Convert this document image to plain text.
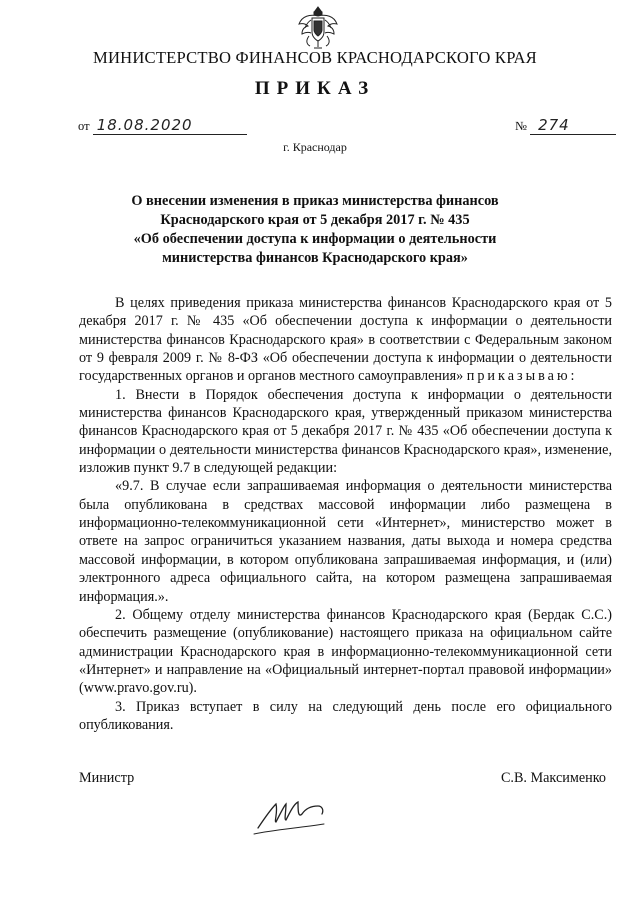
МИНИСТЕРСТВО ФИНАНСОВ КРАСНОДАРСКОГО КРАЯ
ПРИКАЗ
от 18.08.2020	№ 274
г. Краснодар
О внесении изменения в приказ министерства финансов
Краснодарского края от 5 декабря 2017 г. № 435
«Об обеспечении доступа к информации о деятельности
министерства финансов Краснодарского края»

В целях приведения приказа министерства финансов Краснодарского края от 5 декабря 2017 г. № 435 «Об обеспечении доступа к информации о деятельности министерства финансов Краснодарского края» в соответствии с Федеральным законом от 9 февраля 2009 г. № 8-ФЗ «Об обеспечении доступа к информации о деятельности государственных органов и органов местного самоуправления» приказываю:

1. Внести в Порядок обеспечения доступа к информации о деятельности министерства финансов Краснодарского края, утвержденный приказом министерства финансов Краснодарского края от 5 декабря 2017 г. № 435 «Об обеспечении доступа к информации о деятельности министерства финансов Краснодарского края», изменение, изложив пункт 9.7 в следующей редакции:

«9.7. В случае если запрашиваемая информация о деятельности министерства была опубликована в средствах массовой информации либо размещена в информационно-телекоммуникационной сети «Интернет», министерство может в ответе на запрос ограничиться указанием названия, даты выхода и номера средства массовой информации, в котором опубликована запрашиваемая информация, и (или) электронного адреса официального сайта, на котором размещена запрашиваемая информация.».

2. Общему отделу министерства финансов Краснодарского края (Бердак С.С.) обеспечить размещение (опубликование) настоящего приказа на официальном сайте администрации Краснодарского края в информационно-телекоммуникационной сети «Интернет» и направление на «Официальный интернет-портал правовой информации» (www.pravo.gov.ru).

3. Приказ вступает в силу на следующий день после его официального опубликования.

Министр	С.В. Максименко
